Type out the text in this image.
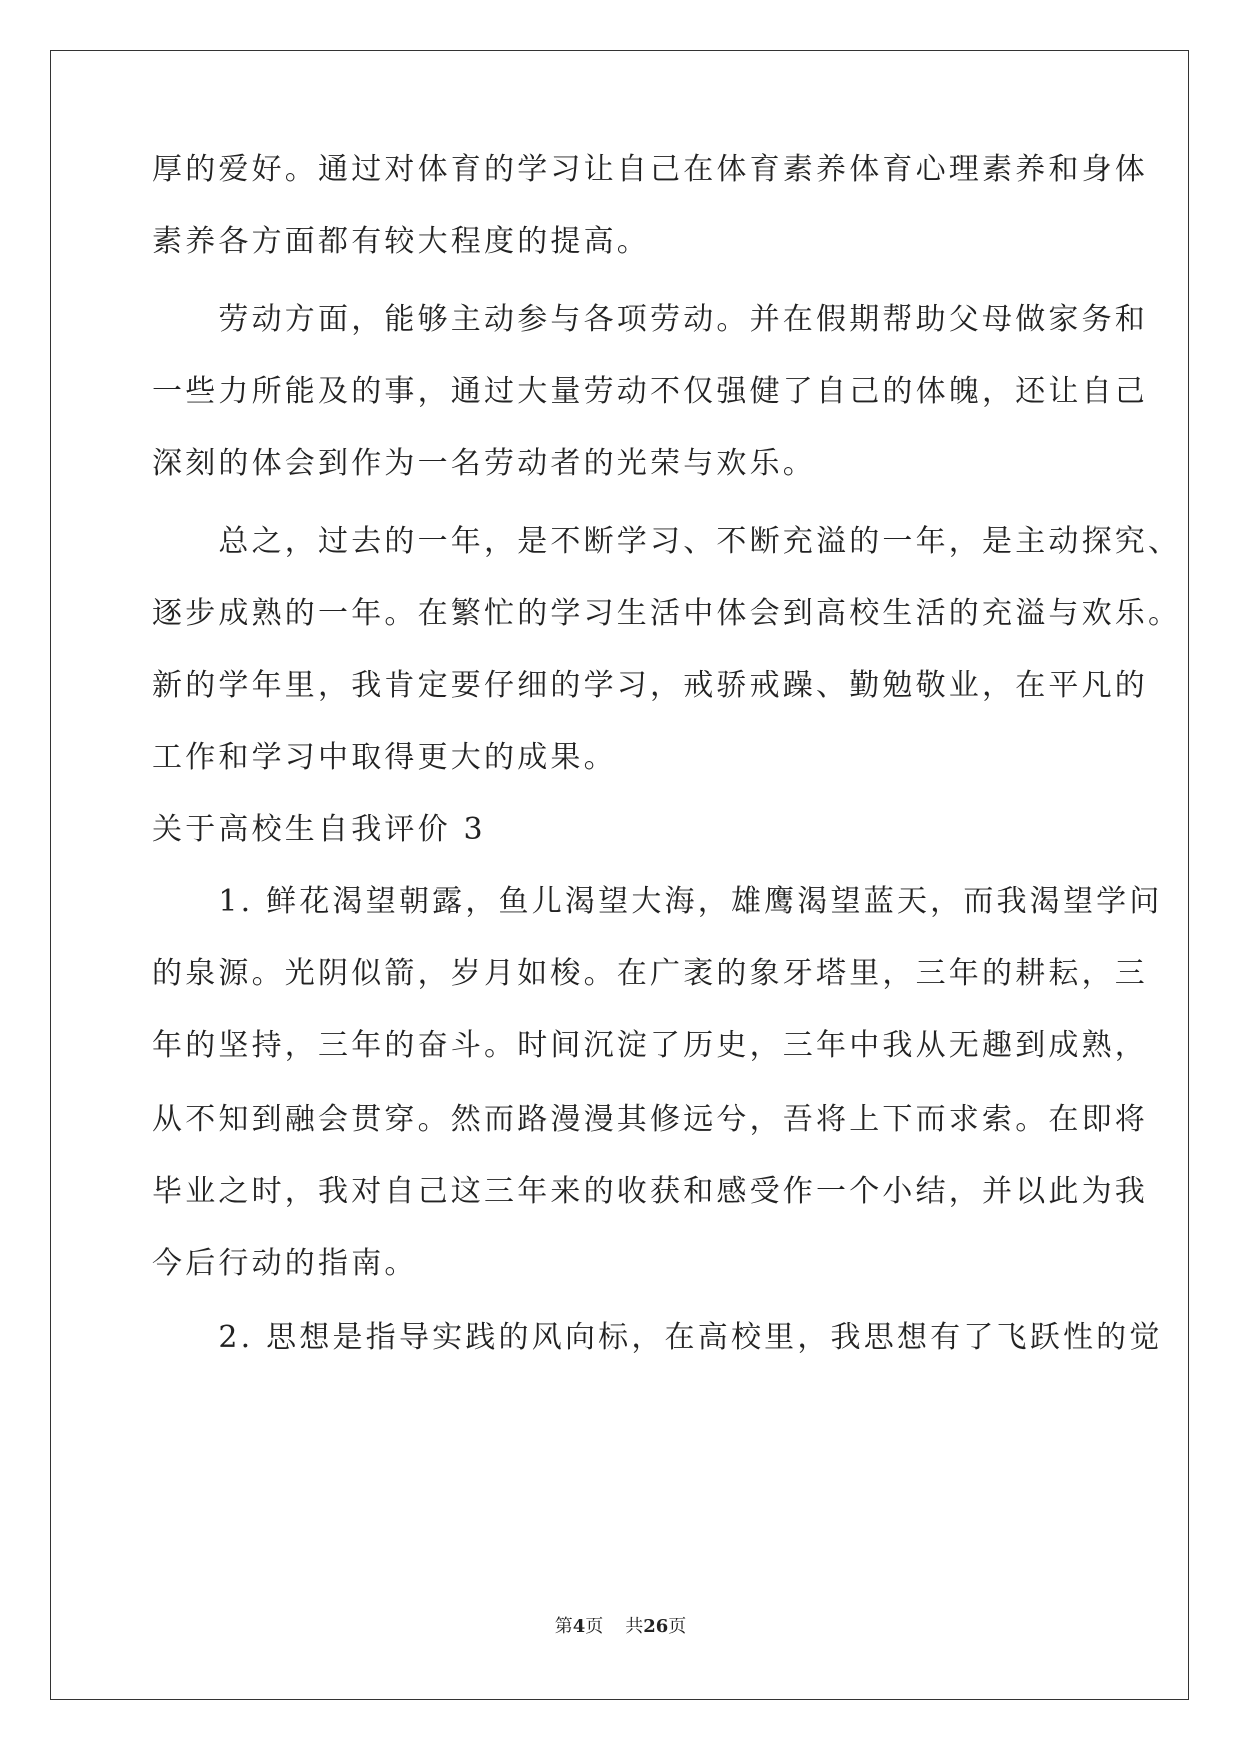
厚的爱好。通过对体育的学习让自己在体育素养体育心理素养和身体

素养各方面都有较大程度的提高。

　　劳动方面，能够主动参与各项劳动。并在假期帮助父母做家务和

一些力所能及的事，通过大量劳动不仅强健了自己的体魄，还让自己

深刻的体会到作为一名劳动者的光荣与欢乐。

　　总之，过去的一年，是不断学习、不断充溢的一年，是主动探究、

逐步成熟的一年。在繁忙的学习生活中体会到高校生活的充溢与欢乐。

新的学年里，我肯定要仔细的学习，戒骄戒躁、勤勉敬业，在平凡的

工作和学习中取得更大的成果。

关于高校生自我评价 3

　　1. 鲜花渴望朝露，鱼儿渴望大海，雄鹰渴望蓝天，而我渴望学问

的泉源。光阴似箭，岁月如梭。在广袤的象牙塔里，三年的耕耘，三

年的坚持，三年的奋斗。时间沉淀了历史，三年中我从无趣到成熟，

从不知到融会贯穿。然而路漫漫其修远兮，吾将上下而求索。在即将

毕业之时，我对自己这三年来的收获和感受作一个小结，并以此为我

今后行动的指南。

　　2. 思想是指导实践的风向标，在高校里，我思想有了飞跃性的觉

第4页 共26页
